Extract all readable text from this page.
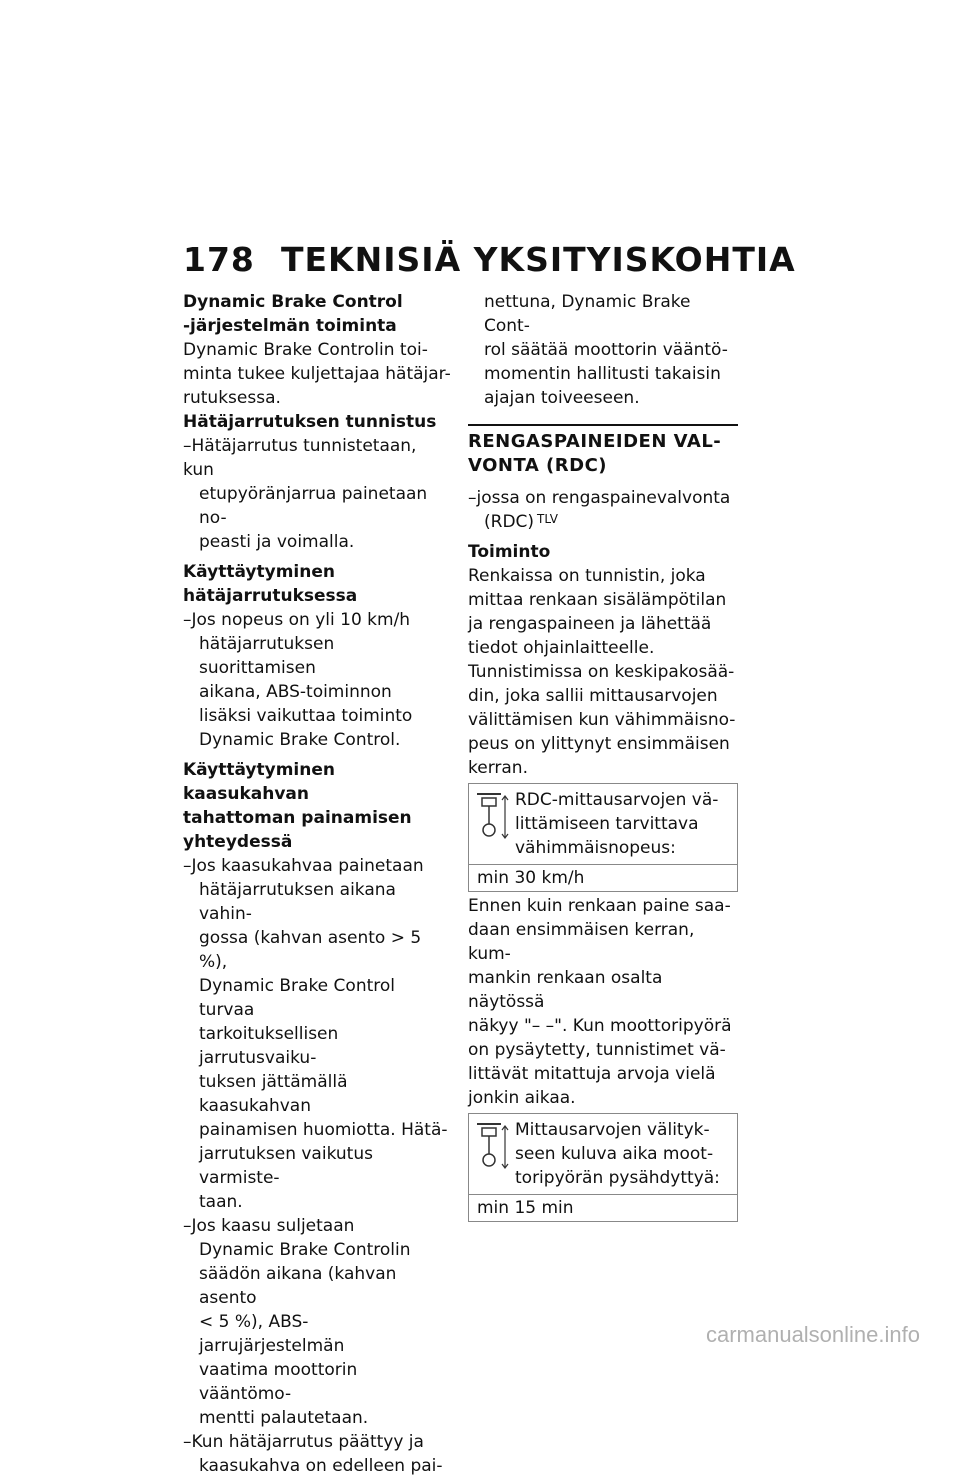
178 TEKNISIÄ YKSITYISKOHTIA
Dynamic Brake Control
-järjestelmän toiminta

Dynamic Brake Controlin toi-
minta tukee kuljettajaa hätäjar-
rutuksessa.

Hätäjarrutuksen tunnistus

–Hätäjarrutus tunnistetaan, kun

etupyöränjarrua painetaan no-

peasti ja voimalla.

Käyttäytyminen
hätäjarrutuksessa

–Jos nopeus on yli 10 km/h

hätäjarrutuksen suorittamisen

aikana, ABS-toiminnon

lisäksi vaikuttaa toiminto

Dynamic Brake Control.

Käyttäytyminen kaasukahvan
tahattoman painamisen
yhteydessä

–Jos kaasukahvaa painetaan

hätäjarrutuksen aikana vahin-

gossa (kahvan asento > 5 %),

Dynamic Brake Control turvaa

tarkoituksellisen jarrutusvaiku-

tuksen jättämällä kaasukahvan

painamisen huomiotta. Hätä-

jarrutuksen vaikutus varmiste-

taan.

–Jos kaasu suljetaan

Dynamic Brake Controlin

säädön aikana (kahvan asento

< 5 %), ABS-jarrujärjestelmän

vaatima moottorin vääntömo-

mentti palautetaan.

–Kun hätäjarrutus päättyy ja

kaasukahva on edelleen pai-

nettuna, Dynamic Brake Cont-

rol säätää moottorin vääntö-

momentin hallitusti takaisin

ajajan toiveeseen.

RENGASPAINEIDEN VAL-
VONTA (RDC)

–jossa on rengaspainevalvonta

(RDC) $^{TLV}$

Toiminto

Renkaissa on tunnistin, joka
mittaa renkaan sisälämpötilan
ja rengaspaineen ja lähettää
tiedot ohjainlaitteelle.
Tunnistimissa on keskipakosää-
din, joka sallii mittausarvojen
välittämisen kun vähimmäisno-
peus on ylittynyt ensimmäisen
kerran.

RDC-mittausarvojen vä-
littämiseen tarvittava
vähimmäisnopeus:
min 30 km/h

Ennen kuin renkaan paine saa-
daan ensimmäisen kerran, kum-
mankin renkaan osalta näytössä
näkyy "– –". Kun moottoripyörä
on pysäytetty, tunnistimet vä-
littävät mitattuja arvoja vielä
jonkin aikaa.

Mittausarvojen välityk-
seen kuluva aika moot-
toripyörän pysähdyttyä:
min 15 min
carmanualsonline.info
